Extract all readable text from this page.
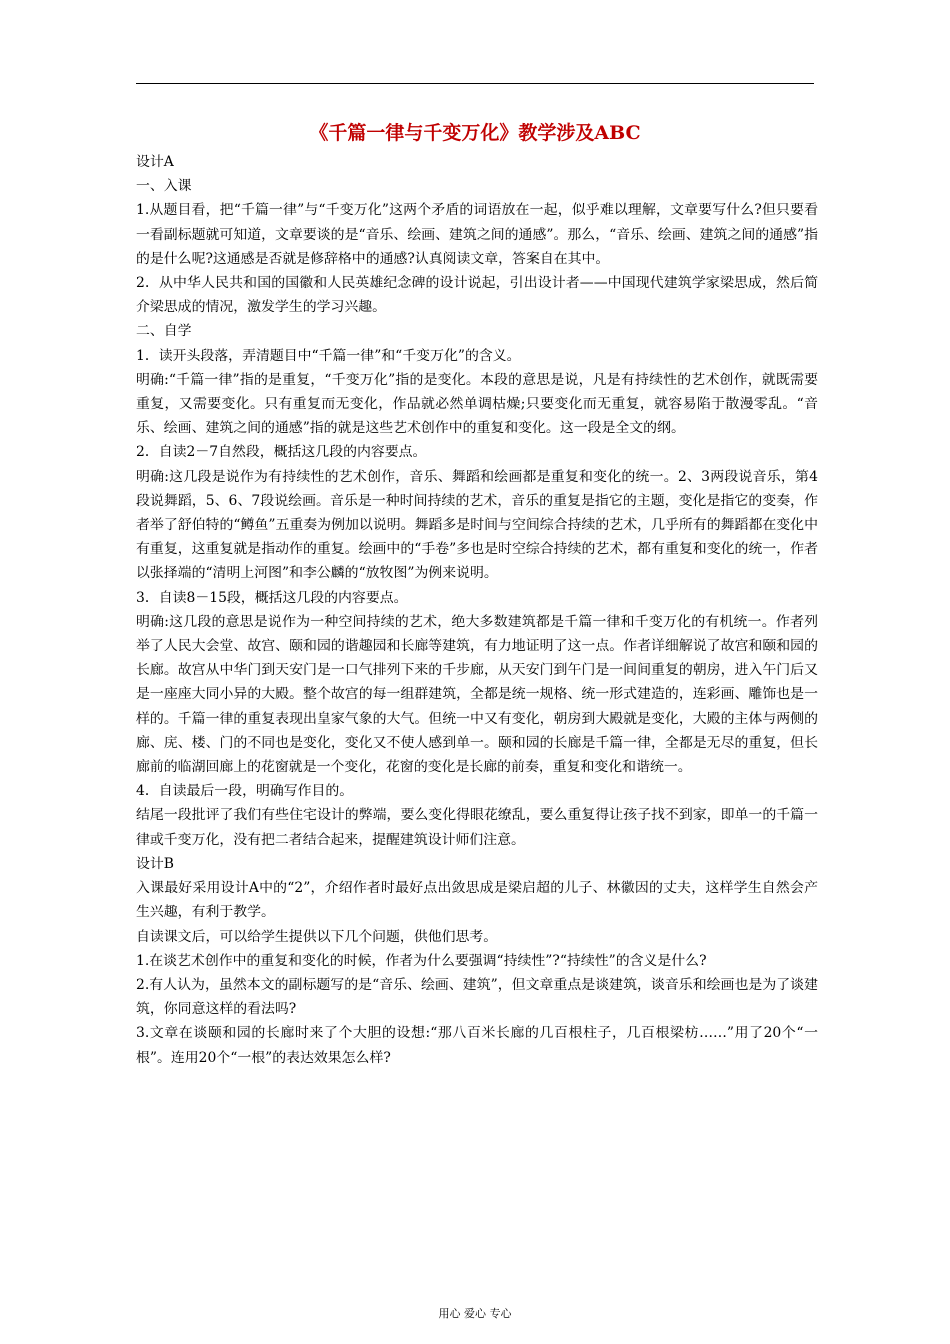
《千篇一律与千变万化》教学涉及ABC

设计A

一、入课

1.从题目看，把“千篇一律”与“千变万化”这两个矛盾的词语放在一起，似乎难以理解，文章要写什么?但只要看一看副标题就可知道，文章要谈的是“音乐、绘画、建筑之间的通感”。那么，“音乐、绘画、建筑之间的通感”指的是什么呢?这通感是否就是修辞格中的通感?认真阅读文章，答案自在其中。

2．从中华人民共和国的国徽和人民英雄纪念碑的设计说起，引出设计者——中国现代建筑学家梁思成，然后简介梁思成的情况，激发学生的学习兴趣。

二、自学

1．读开头段落，弄清题目中“千篇一律”和“千变万化”的含义。

明确:“千篇一律”指的是重复，“千变万化”指的是变化。本段的意思是说，凡是有持续性的艺术创作，就既需要重复，又需要变化。只有重复而无变化，作品就必然单调枯燥;只要变化而无重复，就容易陷于散漫零乱。“音乐、绘画、建筑之间的通感”指的就是这些艺术创作中的重复和变化。这一段是全文的纲。

2．自读2－7自然段，概括这几段的内容要点。

明确:这几段是说作为有持续性的艺术创作，音乐、舞蹈和绘画都是重复和变化的统一。2、3两段说音乐，第4段说舞蹈，5、6、7段说绘画。音乐是一种时间持续的艺术，音乐的重复是指它的主题，变化是指它的变奏，作者举了舒伯特的“鳟鱼”五重奏为例加以说明。舞蹈多是时间与空间综合持续的艺术，几乎所有的舞蹈都在变化中有重复，这重复就是指动作的重复。绘画中的“手卷”多也是时空综合持续的艺术，都有重复和变化的统一，作者以张择端的“清明上河图”和李公麟的“放牧图”为例来说明。

3．自读8－15段，概括这几段的内容要点。

明确:这几段的意思是说作为一种空间持续的艺术，绝大多数建筑都是千篇一律和千变万化的有机统一。作者列举了人民大会堂、故宫、颐和园的谐趣园和长廊等建筑，有力地证明了这一点。作者详细解说了故宫和颐和园的长廊。故宫从中华门到天安门是一口气排列下来的千步廊，从天安门到午门是一间间重复的朝房，进入午门后又是一座座大同小异的大殿。整个故宫的每一组群建筑，全都是统一规格、统一形式建造的，连彩画、雕饰也是一样的。千篇一律的重复表现出皇家气象的大气。但统一中又有变化，朝房到大殿就是变化，大殿的主体与两侧的廊、庑、楼、门的不同也是变化，变化又不使人感到单一。颐和园的长廊是千篇一律，全都是无尽的重复，但长廊前的临湖回廊上的花窗就是一个变化，花窗的变化是长廊的前奏，重复和变化和谐统一。

4．自读最后一段，明确写作目的。

结尾一段批评了我们有些住宅设计的弊端，要么变化得眼花缭乱，要么重复得让孩子找不到家，即单一的千篇一律或千变万化，没有把二者结合起来，提醒建筑设计师们注意。

设计B

入课最好采用设计A中的“2”，介绍作者时最好点出敛思成是梁启超的儿子、林徽因的丈夫，这样学生自然会产生兴趣，有利于教学。

自读课文后，可以给学生提供以下几个问题，供他们思考。

1.在谈艺术创作中的重复和变化的时候，作者为什么要强调“持续性”?“持续性”的含义是什么?

2.有人认为，虽然本文的副标题写的是“音乐、绘画、建筑”，但文章重点是谈建筑，谈音乐和绘画也是为了谈建筑，你同意这样的看法吗?

3.文章在谈颐和园的长廊时来了个大胆的设想:“那八百米长廊的几百根柱子，几百根梁枋……”用了20个“一根”。连用20个“一根”的表达效果怎么样?

用心 爱心 专心
